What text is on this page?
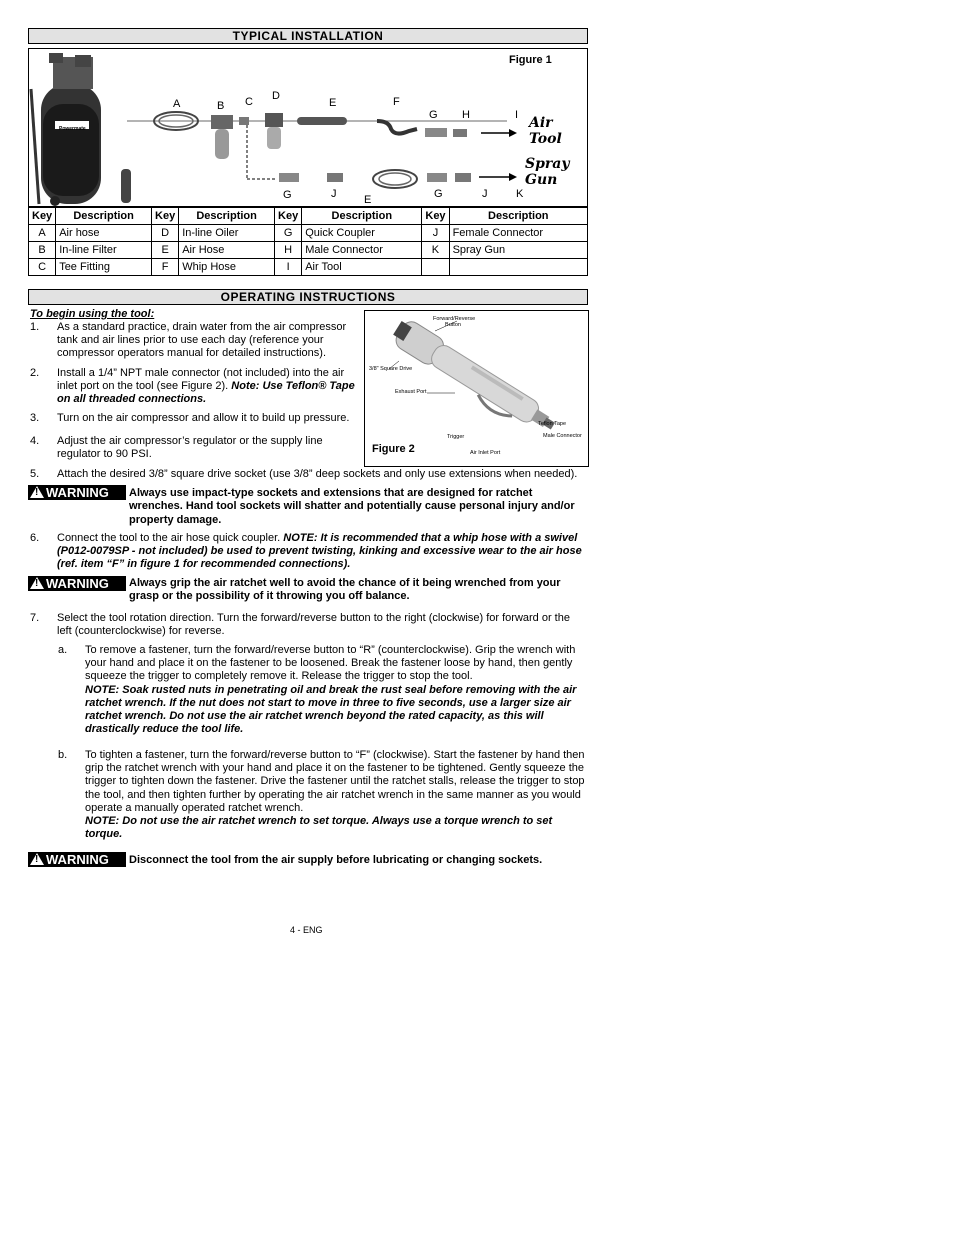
TYPICAL INSTALLATION
Figure 1
A	B C D
E	F
G H	I
G	J	E	G	J	K
Air Tool
Spray Gun
Powermate
Key	Description	Key	Description	Key	Description	Key	Description
A	Air hose	D	In-line Oiler	G	Quick Coupler	J	Female Connector
B	In-line Filter	E	Air Hose	H	Male Connector	K	Spray Gun
C	Tee Fitting	F	Whip Hose	I	Air Tool		
OPERATING INSTRUCTIONS
To begin using the tool:
1. As a standard practice, drain water from the air compressor tank and air lines prior to use each day (reference your compressor operators manual for detailed instructions).
2. Install a 1/4” NPT male connector (not included) into the air inlet port on the tool (see Figure 2). Note: Use Teflon® Tape on all threaded connections.
3. Turn on the air compressor and allow it to build up pressure.
4. Adjust the air compressor’s regulator or the supply line regulator to 90 PSI.
Forward/Reverse Button
3/8" Square Drive
Exhaust Port
Teflon Tape
Male Connector
Trigger
Air Inlet Port
Figure 2
5. Attach the desired 3/8” square drive socket (use 3/8” deep sockets and only use extensions when needed).
! WARNING	Always use impact-type sockets and extensions that are designed for ratchet wrenches. Hand tool sockets will shatter and potentially cause personal injury and/or property damage.
6. Connect the tool to the air hose quick coupler. NOTE: It is recommended that a whip hose with a swivel (P012-0079SP - not included) be used to prevent twisting, kinking and excessive wear to the air hose (ref. item “F” in figure 1 for recommended connections).
! WARNING	Always grip the air ratchet well to avoid the chance of it being wrenched from your grasp or the possibility of it throwing you off balance.
7. Select the tool rotation direction. Turn the forward/reverse button to the right (clockwise) for forward or the left (counterclockwise) for reverse.
a. To remove a fastener, turn the forward/reverse button to “R” (counterclockwise). Grip the wrench with your hand and place it on the fastener to be loosened. Break the fastener loose by hand, then gently squeeze the trigger to completely remove it. Release the trigger to stop the tool.
NOTE: Soak rusted nuts in penetrating oil and break the rust seal before removing with the air ratchet wrench. If the nut does not start to move in three to five seconds, use a larger size air ratchet wrench. Do not use the air ratchet wrench beyond the rated capacity, as this will drastically reduce the tool life.
b. To tighten a fastener, turn the forward/reverse button to “F” (clockwise). Start the fastener by hand then grip the ratchet wrench with your hand and place it on the fastener to be tightened. Gently squeeze the trigger to tighten down the fastener. Drive the fastener until the ratchet stalls, release the trigger to stop the tool, and then tighten further by operating the air ratchet wrench in the same manner as you would operate a manually operated ratchet wrench.
NOTE: Do not use the air ratchet wrench to set torque. Always use a torque wrench to set torque.
! WARNING	Disconnect the tool from the air supply before lubricating or changing sockets.
4 - ENG
